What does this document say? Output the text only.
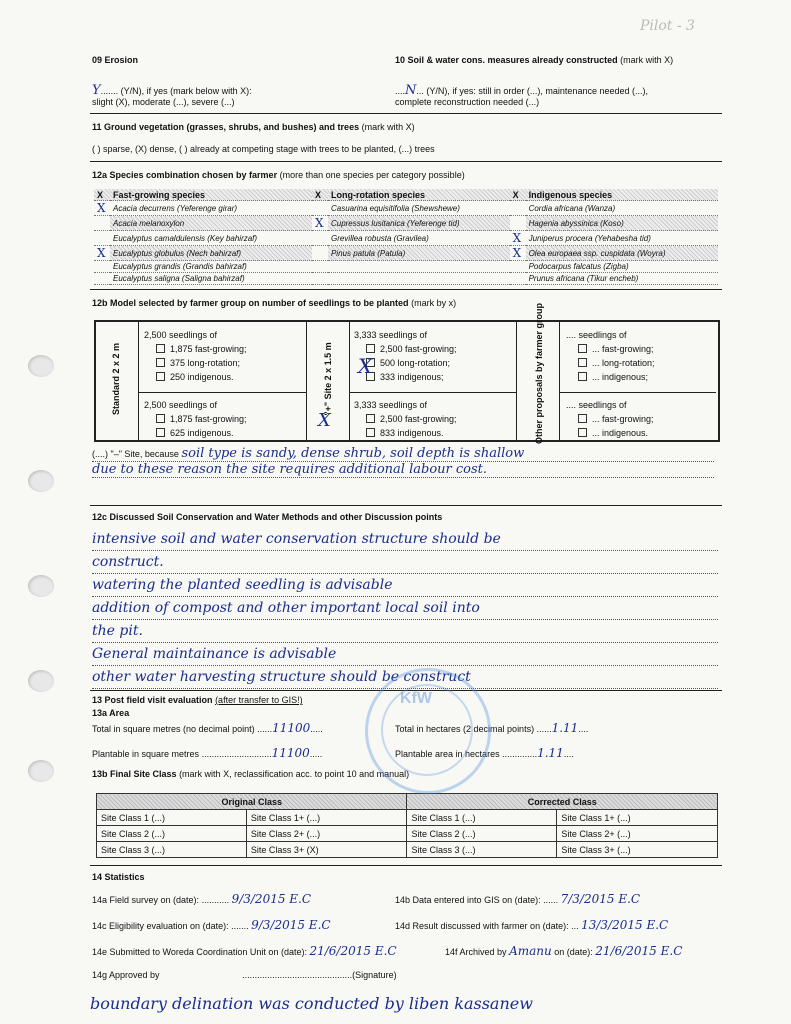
Pilot - 3
09 Erosion
Y....... (Y/N), if yes (mark below with X):
slight (X), moderate (...), severe (...)
10 Soil & water cons. measures already constructed (mark with X)
....N... (Y/N), if yes: still in order (...), maintenance needed (...),
complete reconstruction needed (...)
11 Ground vegetation (grasses, shrubs, and bushes) and trees (mark with X)
( ) sparse, (X) dense, ( ) already at competing stage with trees to be planted, (...) trees
12a Species combination chosen by farmer (more than one species per category possible)
X	Fast-growing species	X	Long-rotation species	X	Indigenous species
X	Acacia decurrens (Yeferenge girar)		Casuarina equisitifolia (Shewshewe)		Cordia africana (Wanza)
	Acacia melanoxylon	X	Cupressus lusitanica (Yeferenge tid)		Hagenia abyssinica (Koso)
	Eucalyptus camaldulensis (Key bahirzaf)		Grevillea robusta (Gravilea)	X	Juniperus procera (Yehabesha tid)
X	Eucalyptus globulus (Nech bahirzaf)		Pinus patula (Patula)	X	Olea europaea ssp. cuspidata (Woyra)
	Eucalyptus grandis (Grandis bahirzaf)				Podocarpus falcatus (Zigba)
	Eucalyptus saligna (Saligna bahirzaf)				Prunus africana (Tikur encheb)
12b Model selected by farmer group on number of seedlings to be planted (mark by x)
Standard 2 x 2 m	"+" Site 2 x 1.5 m	Other proposals by farmer group
2,500 seedlings of
1,875 fast-growing;
375 long-rotation;
250 indigenous.
2,500 seedlings of
1,875 fast-growing;
625 indigenous.
3,333 seedlings of
2,500 fast-growing;
500 long-rotation;
333 indigenous;
3,333 seedlings of
2,500 fast-growing;
833 indigenous.
.... seedlings of
... fast-growing;
... long-rotation;
... indigenous;
.... seedlings of
... fast-growing;
... indigenous.
X
X
(....) "–" Site, because soil type is sandy, dense shrub, soil depth is shallow
due to these reason the site requires additional labour cost.
12c Discussed Soil Conservation and Water Methods and other Discussion points
intensive soil and water conservation structure should be
construct.
watering the planted seedling is advisable
addition of compost and other important local soil into
the pit.
General maintainance is advisable
other water harvesting structure should be construct
13 Post field visit evaluation (after transfer to GIS!)
13a Area
Total in square metres (no decimal point) ......11100.....	Total in hectares (2 decimal points) ......1.11....
Plantable in square metres ............................11100.....	Plantable area in hectares ..............1.11....
13b Final Site Class (mark with X, reclassification acc. to point 10 and manual)
Original Class		Corrected Class	
Site Class 1 (...)	Site Class 1+ (...)	Site Class 1 (...)	Site Class 1+ (...)
Site Class 2 (...)	Site Class 2+ (...)	Site Class 2 (...)	Site Class 2+ (...)
Site Class 3 (...)	Site Class 3+ (X)	Site Class 3 (...)	Site Class 3+ (...)
14 Statistics
14a Field survey on (date): ........... 9/3/2015 E.C	14b Data entered into GIS on (date): ...... 7/3/2015 E.C
14c Eligibility evaluation on (date): ....... 9/3/2015 E.C	14d Result discussed with farmer on (date): ... 13/3/2015 E.C
14e Submitted to Woreda Coordination Unit on (date): 21/6/2015 E.C	14f Archived by Amanu on (date): 21/6/2015 E.C
14g Approved by	............................................(Signature)
KfW
boundary delination was conducted by liben kassanew
